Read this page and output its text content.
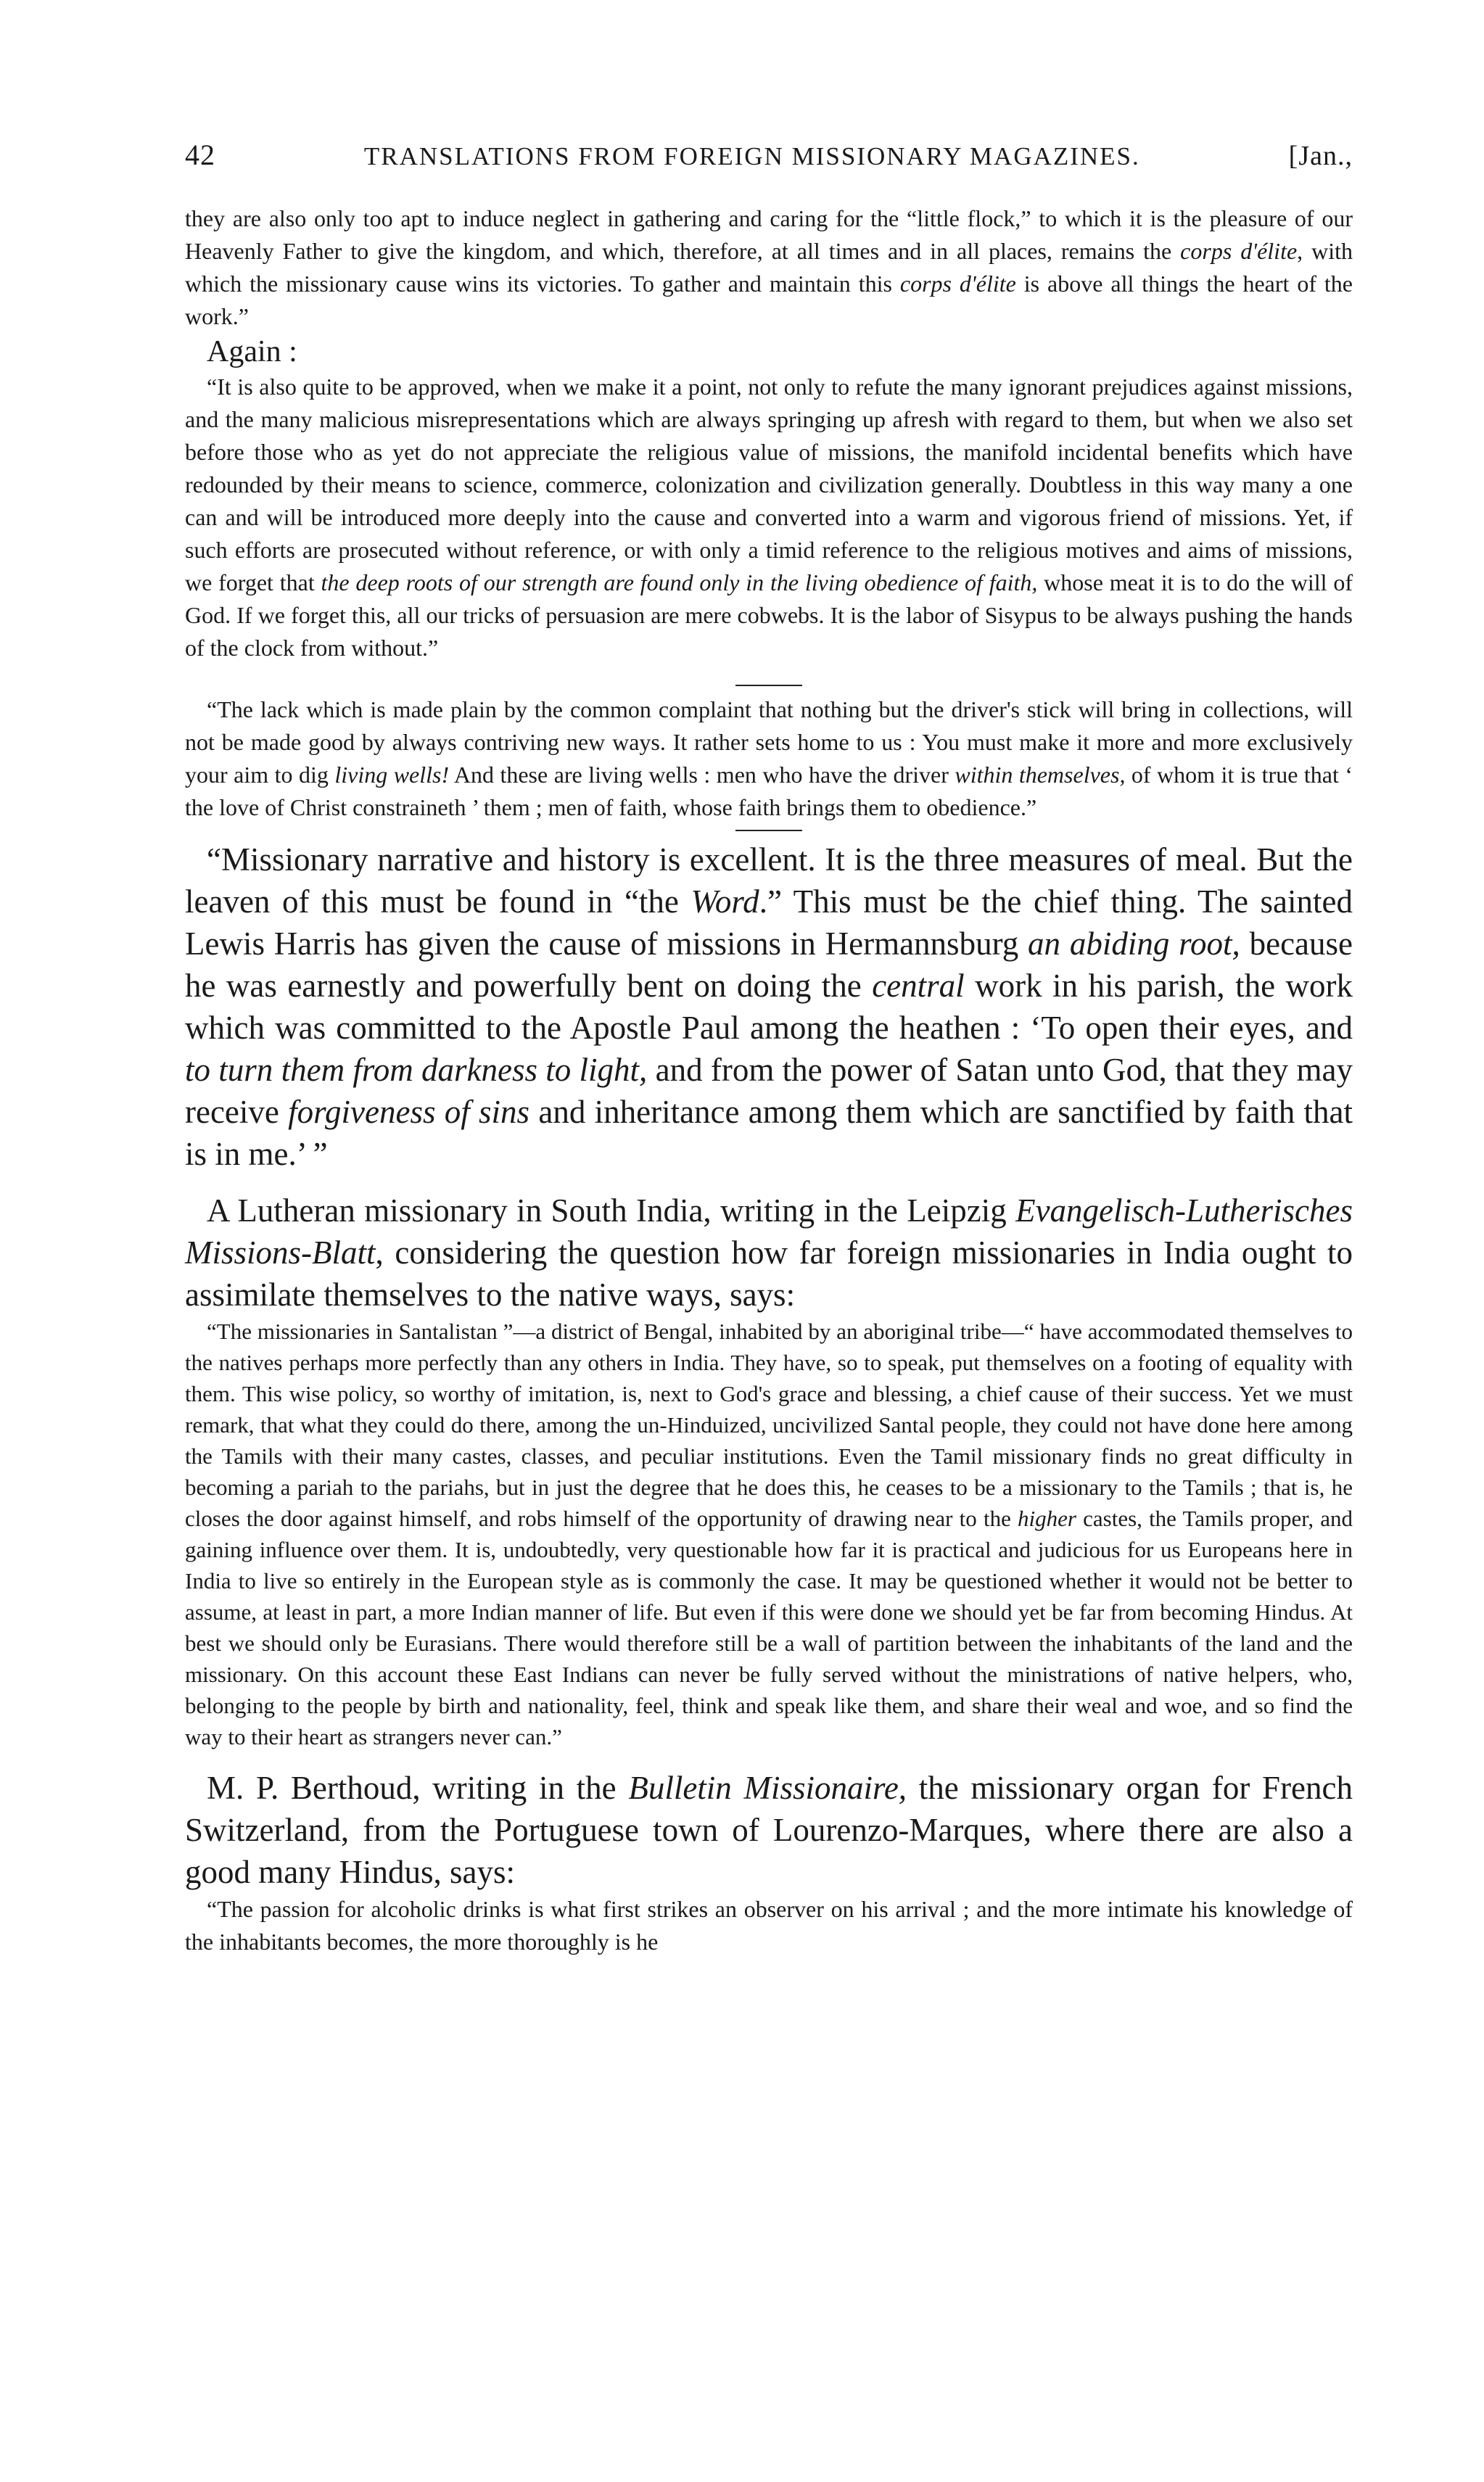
42	TRANSLATIONS FROM FOREIGN MISSIONARY MAGAZINES.	[Jan.,

they are also only too apt to induce neglect in gathering and caring for the “little flock,” to which it is the pleasure of our Heavenly Father to give the kingdom, and which, therefore, at all times and in all places, remains the corps d'élite, with which the missionary cause wins its victories. To gather and maintain this corps d'élite is above all things the heart of the work.”

Again :

“It is also quite to be approved, when we make it a point, not only to refute the many ignorant prejudices against missions, and the many malicious misrepresentations which are always springing up afresh with regard to them, but when we also set before those who as yet do not appreciate the religious value of missions, the manifold incidental benefits which have redounded by their means to science, commerce, colonization and civilization generally. Doubtless in this way many a one can and will be introduced more deeply into the cause and converted into a warm and vigorous friend of missions. Yet, if such efforts are prosecuted without reference, or with only a timid reference to the religious motives and aims of missions, we forget that the deep roots of our strength are found only in the living obedience of faith, whose meat it is to do the will of God. If we forget this, all our tricks of persuasion are mere cobwebs. It is the labor of Sisypus to be always pushing the hands of the clock from without.”

“The lack which is made plain by the common complaint that nothing but the driver's stick will bring in collections, will not be made good by always contriving new ways. It rather sets home to us : You must make it more and more exclusively your aim to dig living wells! And these are living wells : men who have the driver within themselves, of whom it is true that ‘ the love of Christ constraineth ’ them ; men of faith, whose faith brings them to obedience.”

“Missionary narrative and history is excellent. It is the three measures of meal. But the leaven of this must be found in “the Word.” This must be the chief thing. The sainted Lewis Harris has given the cause of missions in Hermannsburg an abiding root, because he was earnestly and powerfully bent on doing the central work in his parish, the work which was committed to the Apostle Paul among the heathen : ‘To open their eyes, and to turn them from darkness to light, and from the power of Satan unto God, that they may receive forgiveness of sins and inheritance among them which are sanctified by faith that is in me.’ ”

A Lutheran missionary in South India, writing in the Leipzig Evangelisch-Lutherisches Missions-Blatt, considering the question how far foreign missionaries in India ought to assimilate themselves to the native ways, says:

“The missionaries in Santalistan ”—a district of Bengal, inhabited by an aboriginal tribe—“ have accommodated themselves to the natives perhaps more perfectly than any others in India. They have, so to speak, put themselves on a footing of equality with them. This wise policy, so worthy of imitation, is, next to God's grace and blessing, a chief cause of their success. Yet we must remark, that what they could do there, among the un-Hinduized, uncivilized Santal people, they could not have done here among the Tamils with their many castes, classes, and peculiar institutions. Even the Tamil missionary finds no great difficulty in becoming a pariah to the pariahs, but in just the degree that he does this, he ceases to be a missionary to the Tamils ; that is, he closes the door against himself, and robs himself of the opportunity of drawing near to the higher castes, the Tamils proper, and gaining influence over them. It is, undoubtedly, very questionable how far it is practical and judicious for us Europeans here in India to live so entirely in the European style as is commonly the case. It may be questioned whether it would not be better to assume, at least in part, a more Indian manner of life. But even if this were done we should yet be far from becoming Hindus. At best we should only be Eurasians. There would therefore still be a wall of partition between the inhabitants of the land and the missionary. On this account these East Indians can never be fully served without the ministrations of native helpers, who, belonging to the people by birth and nationality, feel, think and speak like them, and share their weal and woe, and so find the way to their heart as strangers never can.”

M. P. Berthoud, writing in the Bulletin Missionaire, the missionary organ for French Switzerland, from the Portuguese town of Lourenzo-Marques, where there are also a good many Hindus, says:

“The passion for alcoholic drinks is what first strikes an observer on his arrival ; and the more intimate his knowledge of the inhabitants becomes, the more thoroughly is he
